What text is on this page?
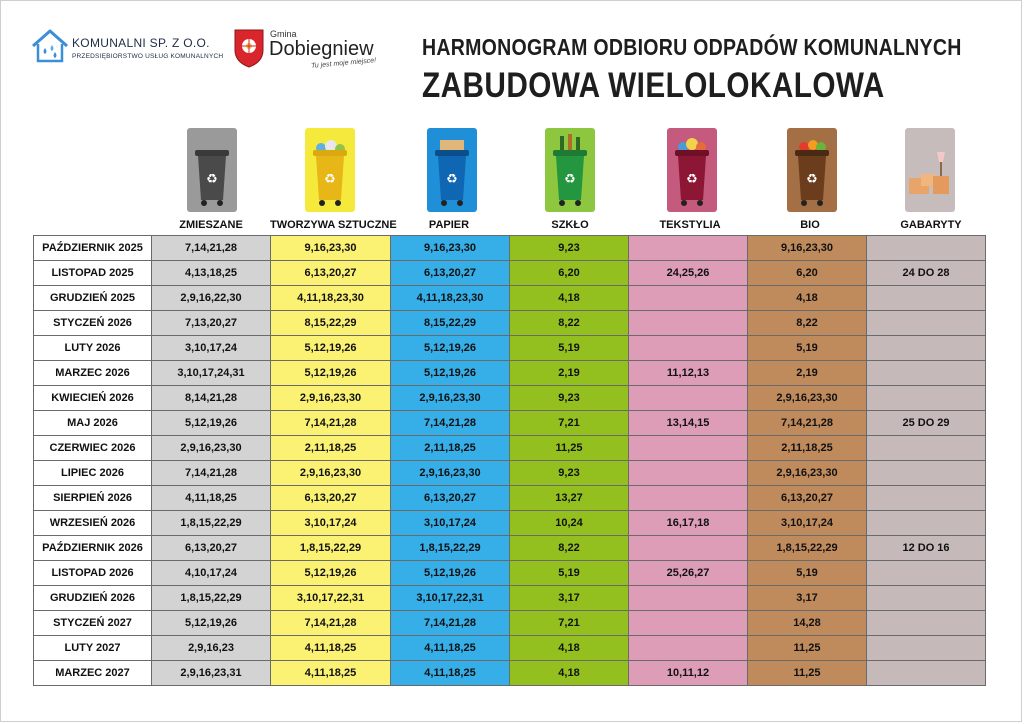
KOMUNALNI SP. Z O.O.
PRZEDSIĘBIORSTWO USŁUG KOMUNALNYCH
Gmina
Dobiegniew
Tu jest moje miejsce!
HARMONOGRAM ODBIORU ODPADÓW KOMUNALNYCH
ZABUDOWA WIELOLOKALOWA
♻	♻	♻	♻	♻	♻
ZMIESZANE	TWORZYWA SZTUCZNE	PAPIER	SZKŁO	TEKSTYLIA	BIO	GABARYTY
PAŹDZIERNIK 2025	7,14,21,28	9,16,23,30	9,16,23,30	9,23		9,16,23,30	
LISTOPAD 2025	4,13,18,25	6,13,20,27	6,13,20,27	6,20	24,25,26	6,20	24 DO 28
GRUDZIEŃ 2025	2,9,16,22,30	4,11,18,23,30	4,11,18,23,30	4,18		4,18	
STYCZEŃ 2026	7,13,20,27	8,15,22,29	8,15,22,29	8,22		8,22	
LUTY 2026	3,10,17,24	5,12,19,26	5,12,19,26	5,19		5,19	
MARZEC 2026	3,10,17,24,31	5,12,19,26	5,12,19,26	2,19	11,12,13	2,19	
KWIECIEŃ 2026	8,14,21,28	2,9,16,23,30	2,9,16,23,30	9,23		2,9,16,23,30	
MAJ 2026	5,12,19,26	7,14,21,28	7,14,21,28	7,21	13,14,15	7,14,21,28	25 DO 29
CZERWIEC 2026	2,9,16,23,30	2,11,18,25	2,11,18,25	11,25		2,11,18,25	
LIPIEC 2026	7,14,21,28	2,9,16,23,30	2,9,16,23,30	9,23		2,9,16,23,30	
SIERPIEŃ 2026	4,11,18,25	6,13,20,27	6,13,20,27	13,27		6,13,20,27	
WRZESIEŃ 2026	1,8,15,22,29	3,10,17,24	3,10,17,24	10,24	16,17,18	3,10,17,24	
PAŹDZIERNIK 2026	6,13,20,27	1,8,15,22,29	1,8,15,22,29	8,22		1,8,15,22,29	12 DO 16
LISTOPAD 2026	4,10,17,24	5,12,19,26	5,12,19,26	5,19	25,26,27	5,19	
GRUDZIEŃ 2026	1,8,15,22,29	3,10,17,22,31	3,10,17,22,31	3,17		3,17	
STYCZEŃ 2027	5,12,19,26	7,14,21,28	7,14,21,28	7,21		14,28	
LUTY 2027	2,9,16,23	4,11,18,25	4,11,18,25	4,18		11,25	
MARZEC 2027	2,9,16,23,31	4,11,18,25	4,11,18,25	4,18	10,11,12	11,25	
